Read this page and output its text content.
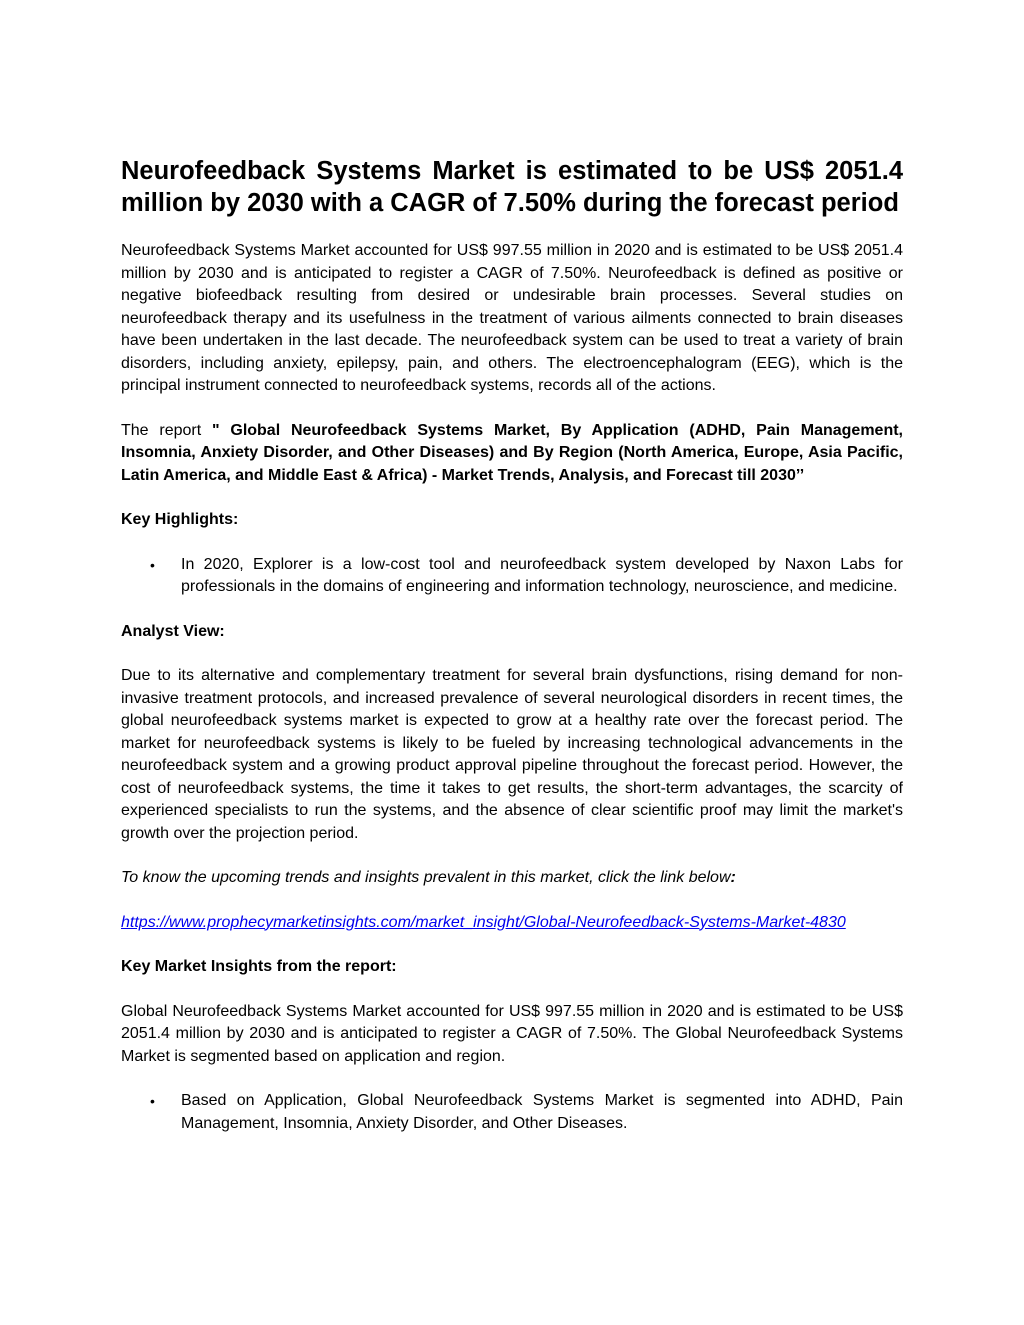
Neurofeedback Systems Market is estimated to be US$ 2051.4 million by 2030 with a CAGR of 7.50% during the forecast period

Neurofeedback Systems Market accounted for US$ 997.55 million in 2020 and is estimated to be US$ 2051.4 million by 2030 and is anticipated to register a CAGR of 7.50%. Neurofeedback is defined as positive or negative biofeedback resulting from desired or undesirable brain processes. Several studies on neurofeedback therapy and its usefulness in the treatment of various ailments connected to brain diseases have been undertaken in the last decade. The neurofeedback system can be used to treat a variety of brain disorders, including anxiety, epilepsy, pain, and others. The electroencephalogram (EEG), which is the principal instrument connected to neurofeedback systems, records all of the actions.

The report " Global Neurofeedback Systems Market, By Application (ADHD, Pain Management, Insomnia, Anxiety Disorder, and Other Diseases) and By Region (North America, Europe, Asia Pacific, Latin America, and Middle East & Africa) - Market Trends, Analysis, and Forecast till 2030’’

Key Highlights:
• In 2020, Explorer is a low-cost tool and neurofeedback system developed by Naxon Labs for professionals in the domains of engineering and information technology, neuroscience, and medicine.
Analyst View:

Due to its alternative and complementary treatment for several brain dysfunctions, rising demand for non-invasive treatment protocols, and increased prevalence of several neurological disorders in recent times, the global neurofeedback systems market is expected to grow at a healthy rate over the forecast period. The market for neurofeedback systems is likely to be fueled by increasing technological advancements in the neurofeedback system and a growing product approval pipeline throughout the forecast period. However, the cost of neurofeedback systems, the time it takes to get results, the short-term advantages, the scarcity of experienced specialists to run the systems, and the absence of clear scientific proof may limit the market's growth over the projection period.

To know the upcoming trends and insights prevalent in this market, click the link below:

https://www.prophecymarketinsights.com/market_insight/Global-Neurofeedback-Systems-Market-4830

Key Market Insights from the report:

Global Neurofeedback Systems Market accounted for US$ 997.55 million in 2020 and is estimated to be US$ 2051.4 million by 2030 and is anticipated to register a CAGR of 7.50%. The Global Neurofeedback Systems Market is segmented based on application and region.

• Based on Application, Global Neurofeedback Systems Market is segmented into ADHD, Pain Management, Insomnia, Anxiety Disorder, and Other Diseases.
